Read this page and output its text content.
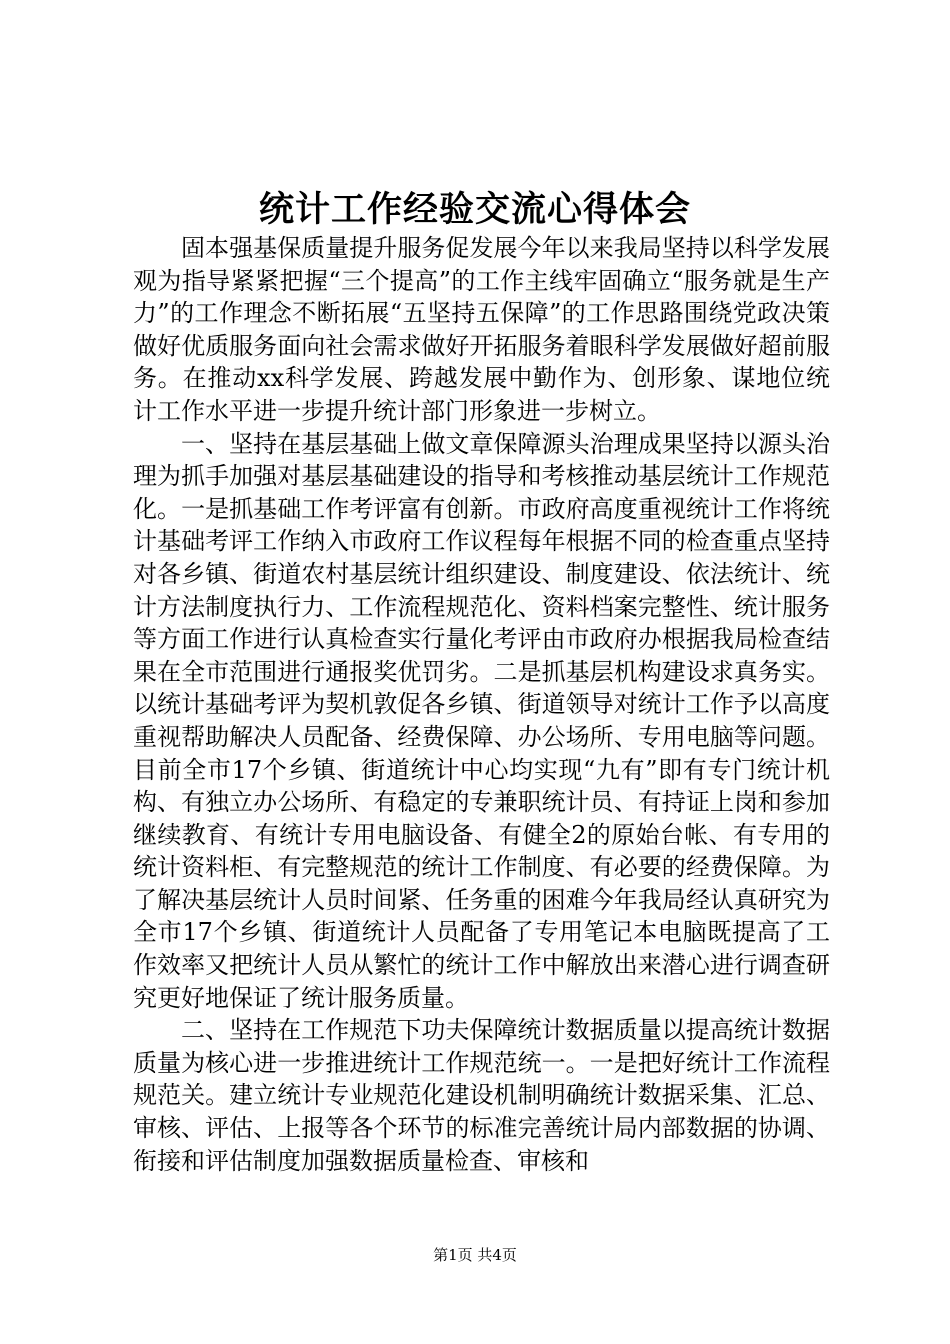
统计工作经验交流心得体会

固本强基保质量提升服务促发展今年以来我局坚持以科学发展观为指导紧紧把握“三个提高”的工作主线牢固确立“服务就是生产力”的工作理念不断拓展“五坚持五保障”的工作思路围绕党政决策做好优质服务面向社会需求做好开拓服务着眼科学发展做好超前服务。在推动xx科学发展、跨越发展中勤作为、创形象、谋地位统计工作水平进一步提升统计部门形象进一步树立。

一、坚持在基层基础上做文章保障源头治理成果坚持以源头治理为抓手加强对基层基础建设的指导和考核推动基层统计工作规范化。一是抓基础工作考评富有创新。市政府高度重视统计工作将统计基础考评工作纳入市政府工作议程每年根据不同的检查重点坚持对各乡镇、街道农村基层统计组织建设、制度建设、依法统计、统计方法制度执行力、工作流程规范化、资料档案完整性、统计服务等方面工作进行认真检查实行量化考评由市政府办根据我局检查结果在全市范围进行通报奖优罚劣。二是抓基层机构建设求真务实。以统计基础考评为契机敦促各乡镇、街道领导对统计工作予以高度重视帮助解决人员配备、经费保障、办公场所、专用电脑等问题。目前全市17个乡镇、街道统计中心均实现“九有”即有专门统计机构、有独立办公场所、有稳定的专兼职统计员、有持证上岗和参加继续教育、有统计专用电脑设备、有健全2的原始台帐、有专用的统计资料柜、有完整规范的统计工作制度、有必要的经费保障。为了解决基层统计人员时间紧、任务重的困难今年我局经认真研究为全市17个乡镇、街道统计人员配备了专用笔记本电脑既提高了工作效率又把统计人员从繁忙的统计工作中解放出来潜心进行调查研究更好地保证了统计服务质量。

二、坚持在工作规范下功夫保障统计数据质量以提高统计数据质量为核心进一步推进统计工作规范统一。一是把好统计工作流程规范关。建立统计专业规范化建设机制明确统计数据采集、汇总、审核、评估、上报等各个环节的标准完善统计局内部数据的协调、衔接和评估制度加强数据质量检查、审核和

第1页 共4页
